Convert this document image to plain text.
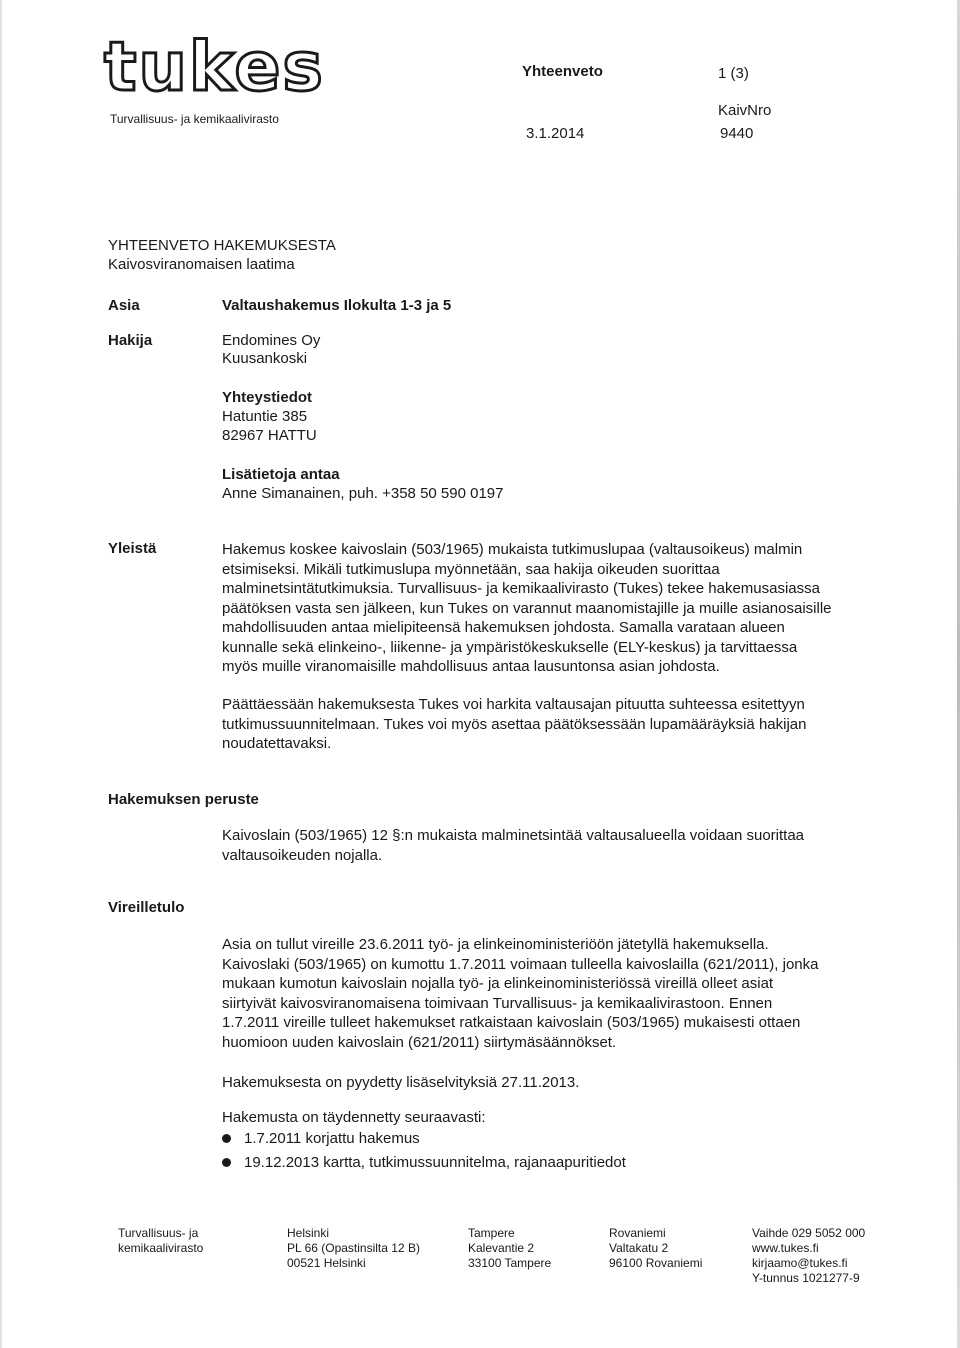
tukes
Turvallisuus- ja kemikaalivirasto
Yhteenveto	1 (3)
KaivNro
3.1.2014	9440
YHTEENVETO HAKEMUKSESTA
Kaivosviranomaisen laatima
Asia	Valtaushakemus Ilokulta 1-3 ja 5
Hakija	Endomines Oy
Kuusankoski
Yhteystiedot
Hatuntie 385
82967 HATTU
Lisätietoja antaa
Anne Simanainen, puh. +358 50 590 0197
Yleistä	Hakemus koskee kaivoslain (503/1965) mukaista tutkimuslupaa (valtausoikeus) malmin
etsimiseksi. Mikäli tutkimuslupa myönnetään, saa hakija oikeuden suorittaa
malminetsintätutkimuksia. Turvallisuus- ja kemikaalivirasto (Tukes) tekee hakemusasiassa
päätöksen vasta sen jälkeen, kun Tukes on varannut maanomistajille ja muille asianosaisille
mahdollisuuden antaa mielipiteensä hakemuksen johdosta. Samalla varataan alueen
kunnalle sekä elinkeino-, liikenne- ja ympäristökeskukselle (ELY-keskus) ja tarvittaessa
myös muille viranomaisille mahdollisuus antaa lausuntonsa asian johdosta.
Päättäessään hakemuksesta Tukes voi harkita valtausajan pituutta suhteessa esitettyyn
tutkimussuunnitelmaan. Tukes voi myös asettaa päätöksessään lupamääräyksiä hakijan
noudatettavaksi.
Hakemuksen peruste
Kaivoslain (503/1965) 12 §:n mukaista malminetsintää valtausalueella voidaan suorittaa
valtausoikeuden nojalla.
Vireilletulo
Asia on tullut vireille 23.6.2011 työ- ja elinkeinoministeriöön jätetyllä hakemuksella.
Kaivoslaki (503/1965) on kumottu 1.7.2011 voimaan tulleella kaivoslailla (621/2011), jonka
mukaan kumotun kaivoslain nojalla työ- ja elinkeinoministeriössä vireillä olleet asiat
siirtyivät kaivosviranomaisena toimivaan Turvallisuus- ja kemikaalivirastoon. Ennen
1.7.2011 vireille tulleet hakemukset ratkaistaan kaivoslain (503/1965) mukaisesti ottaen
huomioon uuden kaivoslain (621/2011) siirtymäsäännökset.
Hakemuksesta on pyydetty lisäselvityksiä 27.11.2013.
Hakemusta on täydennetty seuraavasti:
1.7.2011 korjattu hakemus
19.12.2013 kartta, tutkimussuunnitelma, rajanaapuritiedot
Turvallisuus- ja
kemikaalivirasto
Helsinki
PL 66 (Opastinsilta 12 B)
00521 Helsinki
Tampere
Kalevantie 2
33100 Tampere
Rovaniemi
Valtakatu 2
96100 Rovaniemi
Vaihde 029 5052 000
www.tukes.fi
kirjaamo@tukes.fi
Y-tunnus 1021277-9
